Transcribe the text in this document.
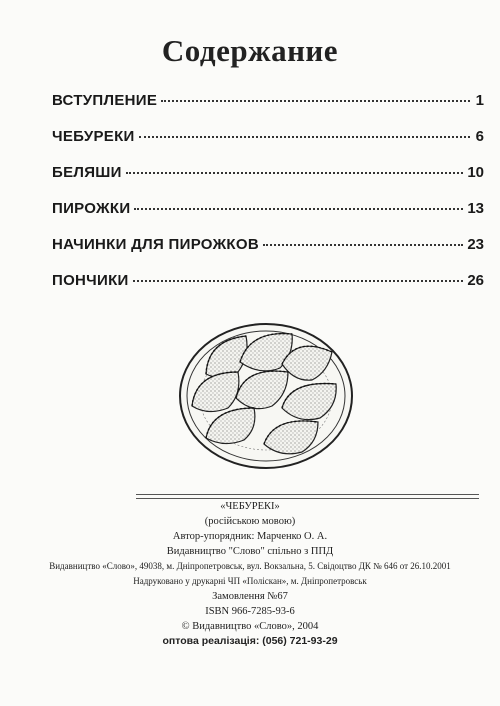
Содержание
ВСТУПЛЕНИЕ	1
ЧЕБУРЕКИ	6
БЕЛЯШИ	10
ПИРОЖКИ	13
НАЧИНКИ ДЛЯ ПИРОЖКОВ	23
ПОНЧИКИ	26
«ЧЕБУРЕКІ»
(російською мовою)
Автор-упорядник: Марченко О. А.
Видавництво "Слово" спільно з ППД
Видавництво «Слово», 49038, м. Дніпропетровськ, вул. Вокзальна, 5. Свідоцтво ДК № 646 от 26.10.2001
Надруковано у друкарні ЧП «Поліскан», м. Дніпропетровськ
Замовлення №67
ISBN 966-7285-93-6
© Видавництво «Слово», 2004
оптова реалізація: (056) 721-93-29
